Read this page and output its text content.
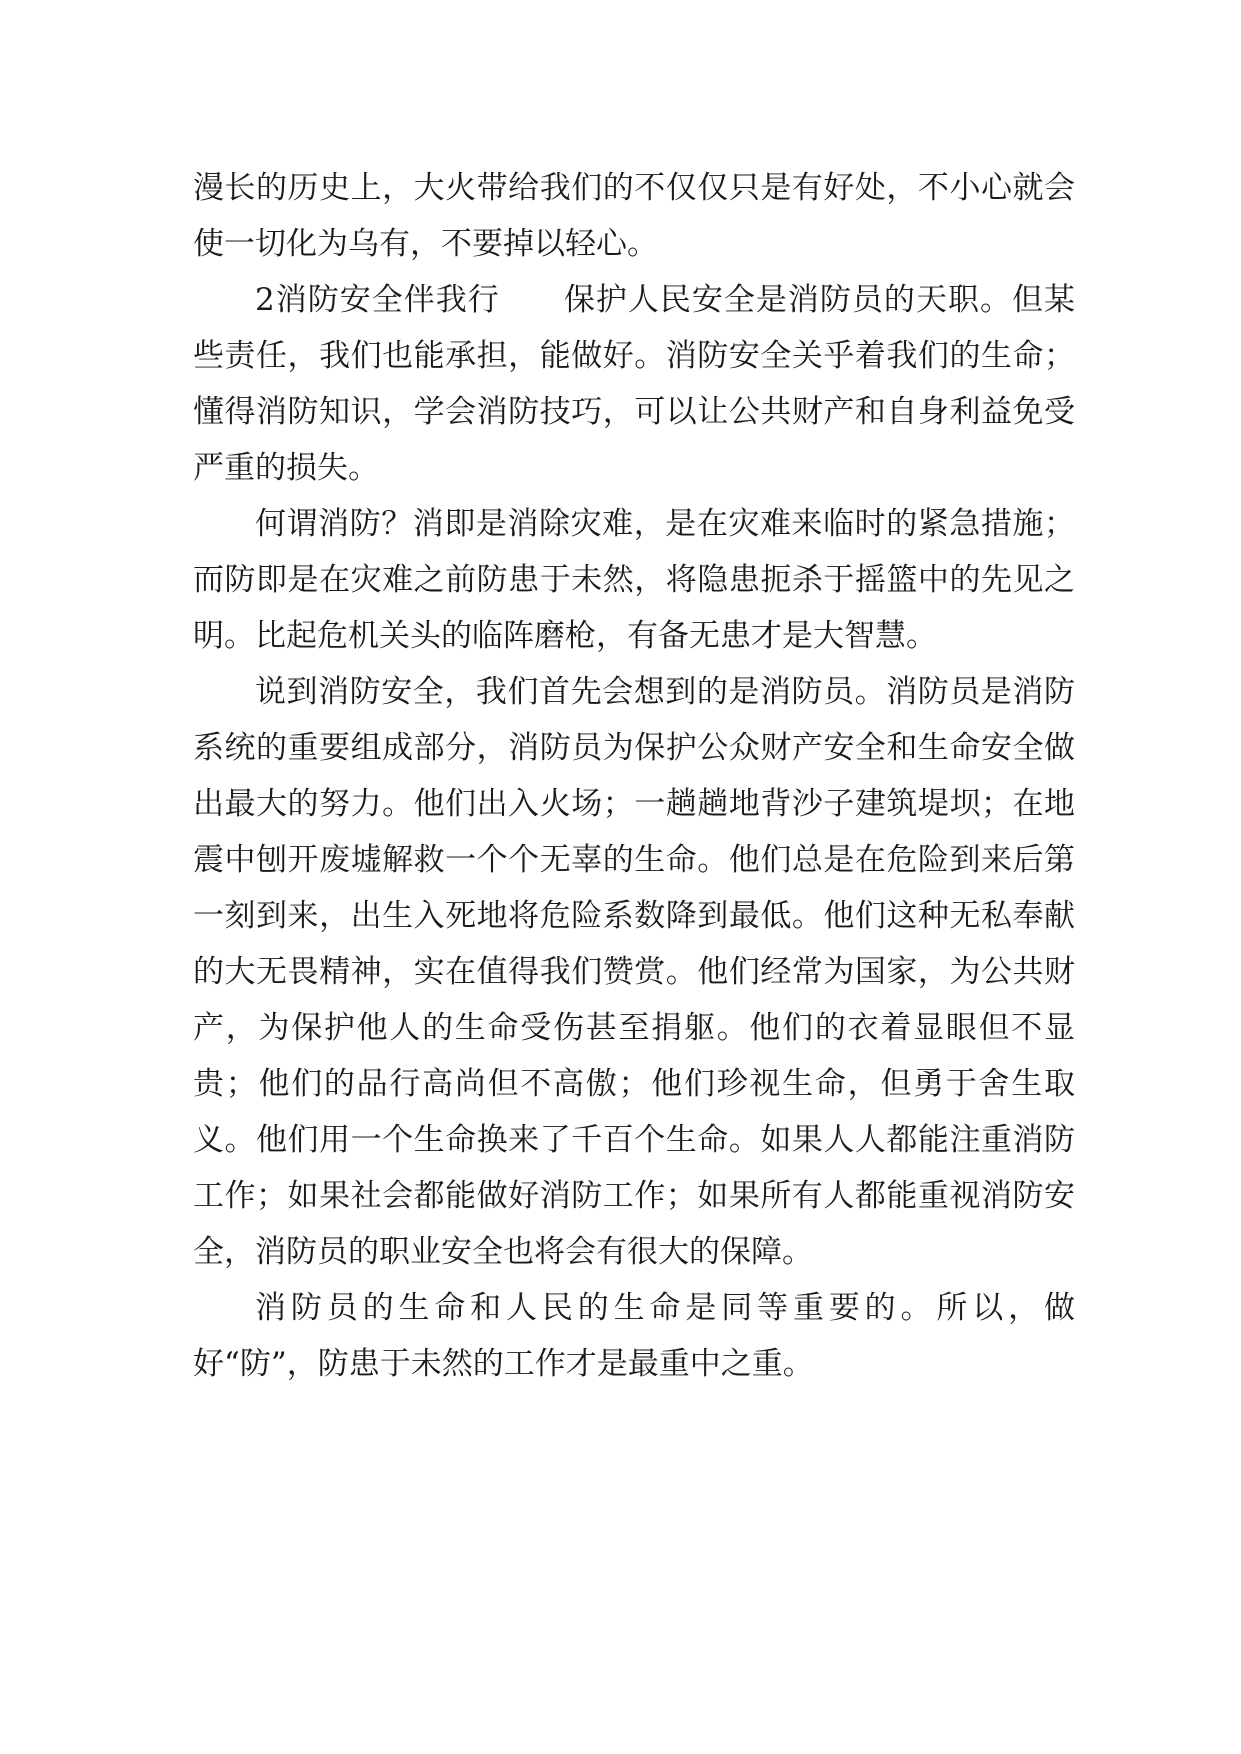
漫长的历史上，大火带给我们的不仅仅只是有好处，不小心就会使一切化为乌有，不要掉以轻心。

2消防安全伴我行　　保护人民安全是消防员的天职。但某些责任，我们也能承担，能做好。消防安全关乎着我们的生命；懂得消防知识，学会消防技巧，可以让公共财产和自身利益免受严重的损失。

何谓消防？消即是消除灾难，是在灾难来临时的紧急措施；而防即是在灾难之前防患于未然，将隐患扼杀于摇篮中的先见之明。比起危机关头的临阵磨枪，有备无患才是大智慧。

说到消防安全，我们首先会想到的是消防员。消防员是消防系统的重要组成部分，消防员为保护公众财产安全和生命安全做出最大的努力。他们出入火场；一趟趟地背沙子建筑堤坝；在地震中刨开废墟解救一个个无辜的生命。他们总是在危险到来后第一刻到来，出生入死地将危险系数降到最低。他们这种无私奉献的大无畏精神，实在值得我们赞赏。他们经常为国家，为公共财产，为保护他人的生命受伤甚至捐躯。他们的衣着显眼但不显贵；他们的品行高尚但不高傲；他们珍视生命，但勇于舍生取义。他们用一个生命换来了千百个生命。如果人人都能注重消防工作；如果社会都能做好消防工作；如果所有人都能重视消防安全，消防员的职业安全也将会有很大的保障。

消防员的生命和人民的生命是同等重要的。所以，做好“防”，防患于未然的工作才是最重中之重。
